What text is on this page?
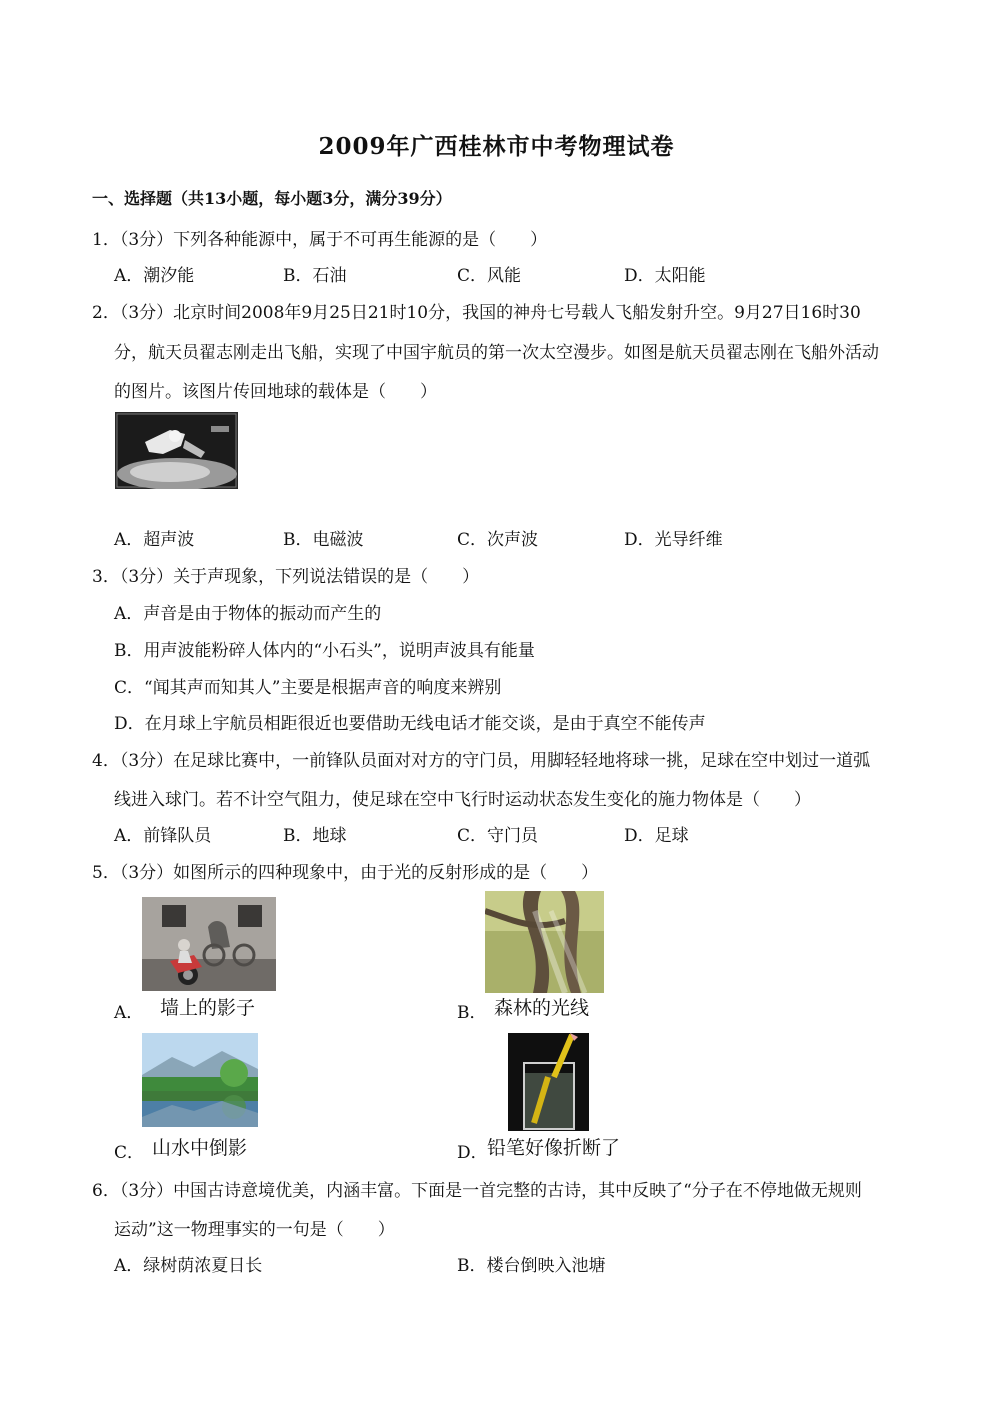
2009年广西桂林市中考物理试卷
一、选择题（共13小题，每小题3分，满分39分）
1．（3分）下列各种能源中，属于不可再生能源的是（　　）
A．潮汐能	B．石油	C．风能	D．太阳能
2．（3分）北京时间2008年9月25日21时10分，我国的神舟七号载人飞船发射升空。9月27日16时30
分，航天员翟志刚走出飞船，实现了中国宇航员的第一次太空漫步。如图是航天员翟志刚在飞船外活动
的图片。该图片传回地球的载体是（　　）
A．超声波	B．电磁波	C．次声波	D．光导纤维
3．（3分）关于声现象，下列说法错误的是（　　）
A．声音是由于物体的振动而产生的
B．用声波能粉碎人体内的“小石头”，说明声波具有能量
C．“闻其声而知其人”主要是根据声音的响度来辨别
D．在月球上宇航员相距很近也要借助无线电话才能交谈，是由于真空不能传声
4．（3分）在足球比赛中，一前锋队员面对对方的守门员，用脚轻轻地将球一挑，足球在空中划过一道弧
线进入球门。若不计空气阻力，使足球在空中飞行时运动状态发生变化的施力物体是（　　）
A．前锋队员	B．地球	C．守门员	D．足球
5．（3分）如图所示的四种现象中，由于光的反射形成的是（　　）
A． 墙上的影子	B． 森林的光线
C． 山水中倒影	D． 铅笔好像折断了
6．（3分）中国古诗意境优美，内涵丰富。下面是一首完整的古诗，其中反映了“分子在不停地做无规则
运动”这一物理事实的一句是（　　）
A．绿树荫浓夏日长	B．楼台倒映入池塘
